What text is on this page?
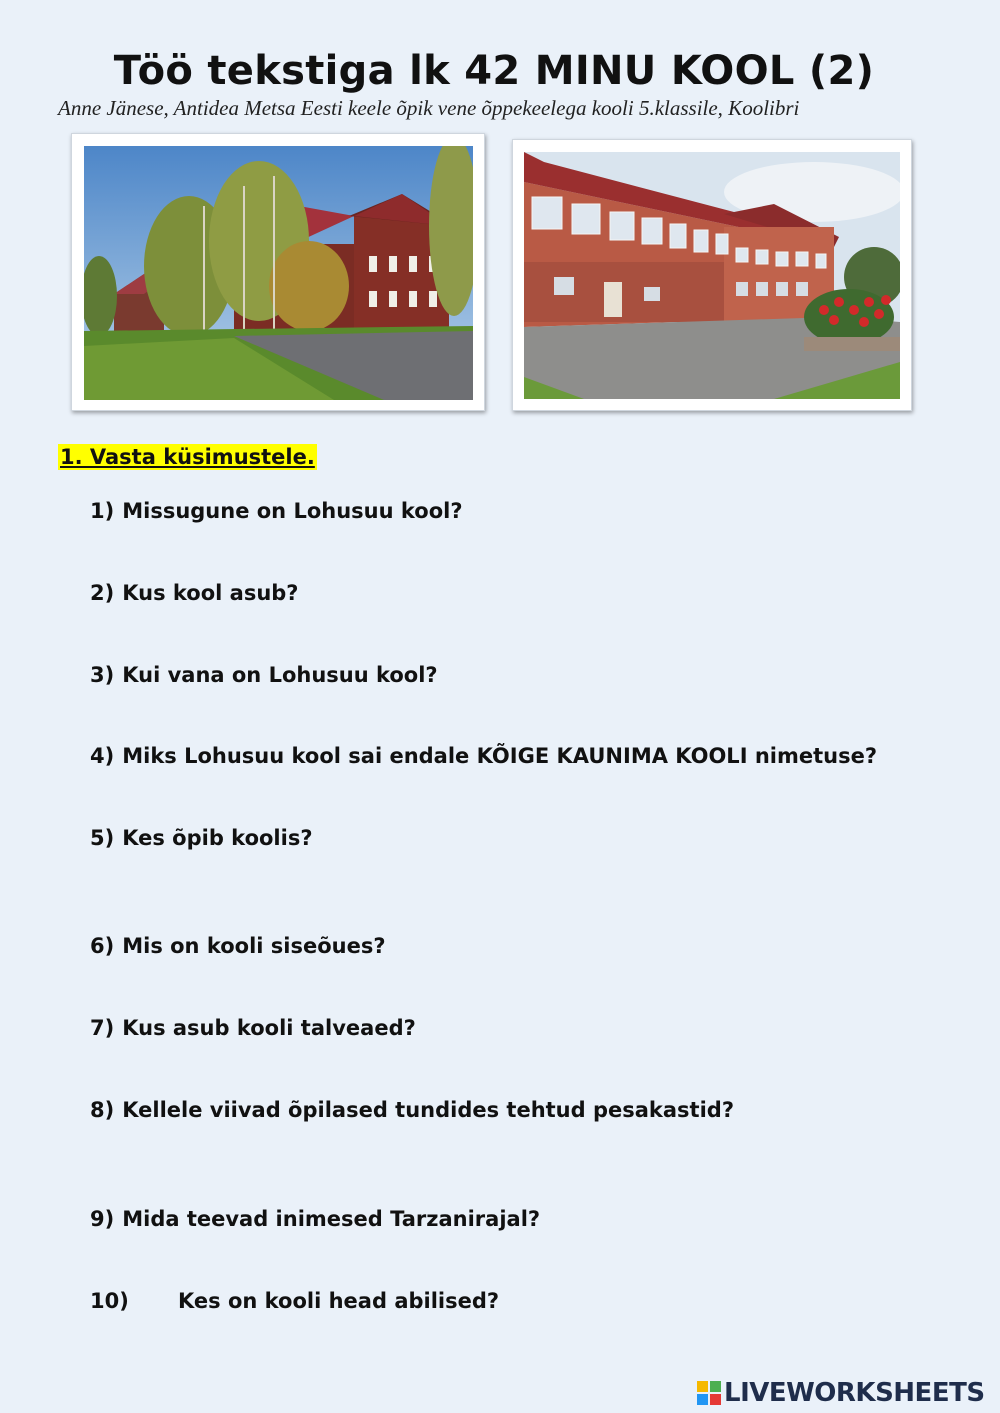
Töö tekstiga lk 42 MINU KOOL (2)
Anne Jänese, Antidea Metsa Eesti keele õpik vene õppekeelega kooli 5.klassile, Koolibri
1. Vasta küsimustele.
1) Missugune on Lohusuu kool?
2) Kus kool asub?
3) Kui vana on Lohusuu kool?
4) Miks Lohusuu kool sai endale KÕIGE KAUNIMA KOOLI nimetuse?
5) Kes õpib koolis?
6) Mis on kooli siseõues?
7) Kus asub kooli talveaed?
8) Kellele viivad õpilased tundides tehtud pesakastid?
9) Mida teevad inimesed Tarzanirajal?
10) Kes on kooli head abilised?
LIVEWORKSHEETS
